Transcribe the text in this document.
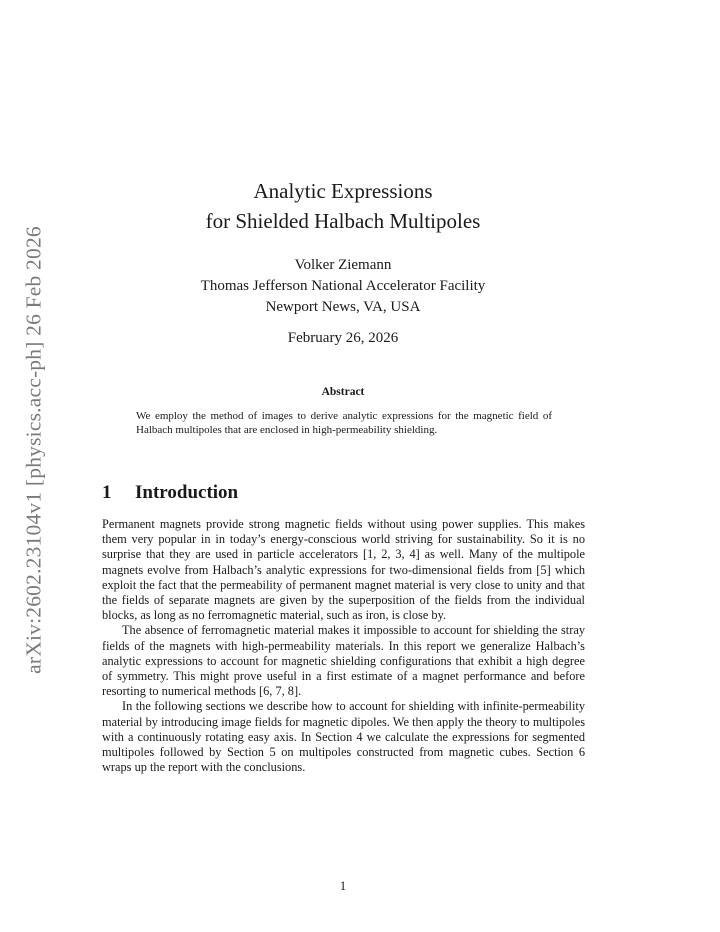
arXiv:2602.23104v1 [physics.acc-ph] 26 Feb 2026
Analytic Expressions
for Shielded Halbach Multipoles
Volker Ziemann
Thomas Jefferson National Accelerator Facility
Newport News, VA, USA
February 26, 2026
Abstract
We employ the method of images to derive analytic expressions for the magnetic field of Halbach multipoles that are enclosed in high-permeability shielding.
1 Introduction

Permanent magnets provide strong magnetic fields without using power supplies. This makes them very popular in in today’s energy-conscious world striving for sustainability. So it is no surprise that they are used in particle accelerators [1, 2, 3, 4] as well. Many of the multipole magnets evolve from Halbach’s analytic expressions for two-dimensional fields from [5] which exploit the fact that the permeability of permanent magnet material is very close to unity and that the fields of separate magnets are given by the superposition of the fields from the individual blocks, as long as no ferromagnetic material, such as iron, is close by.

The absence of ferromagnetic material makes it impossible to account for shielding the stray fields of the magnets with high-permeability materials. In this report we generalize Halbach’s analytic expressions to account for magnetic shielding configurations that exhibit a high degree of symmetry. This might prove useful in a first estimate of a magnet performance and before resorting to numerical methods [6, 7, 8].

In the following sections we describe how to account for shielding with infinite-permeability material by introducing image fields for magnetic dipoles. We then apply the theory to multipoles with a continuously rotating easy axis. In Section 4 we calculate the expressions for segmented multipoles followed by Section 5 on multipoles constructed from magnetic cubes. Section 6 wraps up the report with the conclusions.

1
